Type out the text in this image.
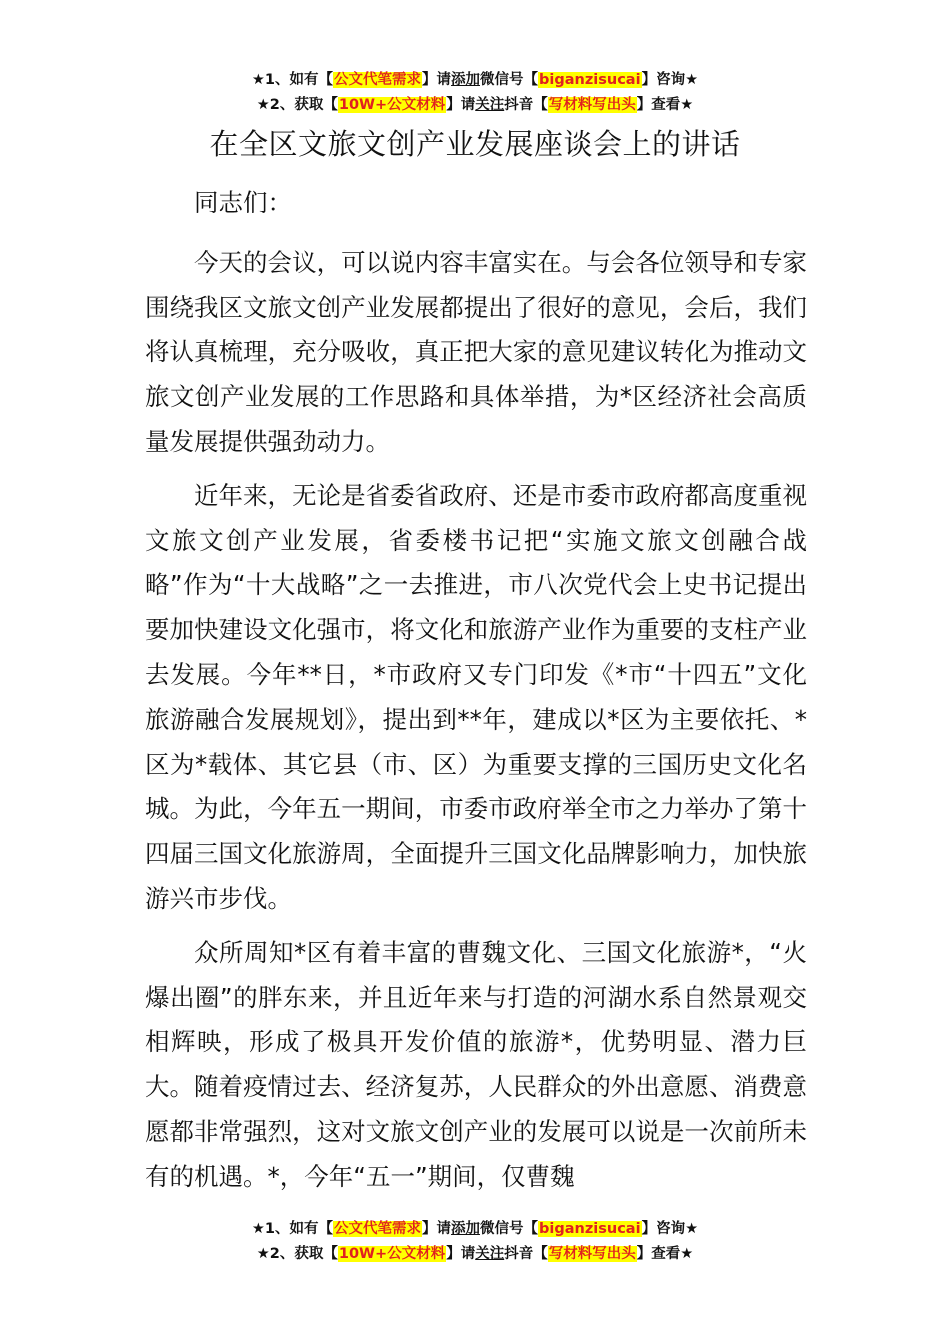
★1、如有【公文代笔需求】请添加微信号【biganzisucai】咨询★
★2、获取【10W+公文材料】请关注抖音【写材料写出头】查看★
在全区文旅文创产业发展座谈会上的讲话
同志们：

今天的会议，可以说内容丰富实在。与会各位领导和专家围绕我区文旅文创产业发展都提出了很好的意见，会后，我们将认真梳理，充分吸收，真正把大家的意见建议转化为推动文旅文创产业发展的工作思路和具体举措，为*区经济社会高质量发展提供强劲动力。

近年来，无论是省委省政府、还是市委市政府都高度重视文旅文创产业发展，省委楼书记把“实施文旅文创融合战略”作为“十大战略”之一去推进，市八次党代会上史书记提出要加快建设文化强市，将文化和旅游产业作为重要的支柱产业去发展。今年**日，*市政府又专门印发《*市“十四五”文化旅游融合发展规划》，提出到**年，建成以*区为主要依托、*区为*载体、其它县（市、区）为重要支撑的三国历史文化名城。为此，今年五一期间，市委市政府举全市之力举办了第十四届三国文化旅游周，全面提升三国文化品牌影响力，加快旅游兴市步伐。

众所周知*区有着丰富的曹魏文化、三国文化旅游*，“火爆出圈”的胖东来，并且近年来与打造的河湖水系自然景观交相辉映，形成了极具开发价值的旅游*，优势明显、潜力巨大。随着疫情过去、经济复苏，人民群众的外出意愿、消费意愿都非常强烈，这对文旅文创产业的发展可以说是一次前所未有的机遇。*，今年“五一”期间，仅曹魏

★1、如有【公文代笔需求】请添加微信号【biganzisucai】咨询★
★2、获取【10W+公文材料】请关注抖音【写材料写出头】查看★
